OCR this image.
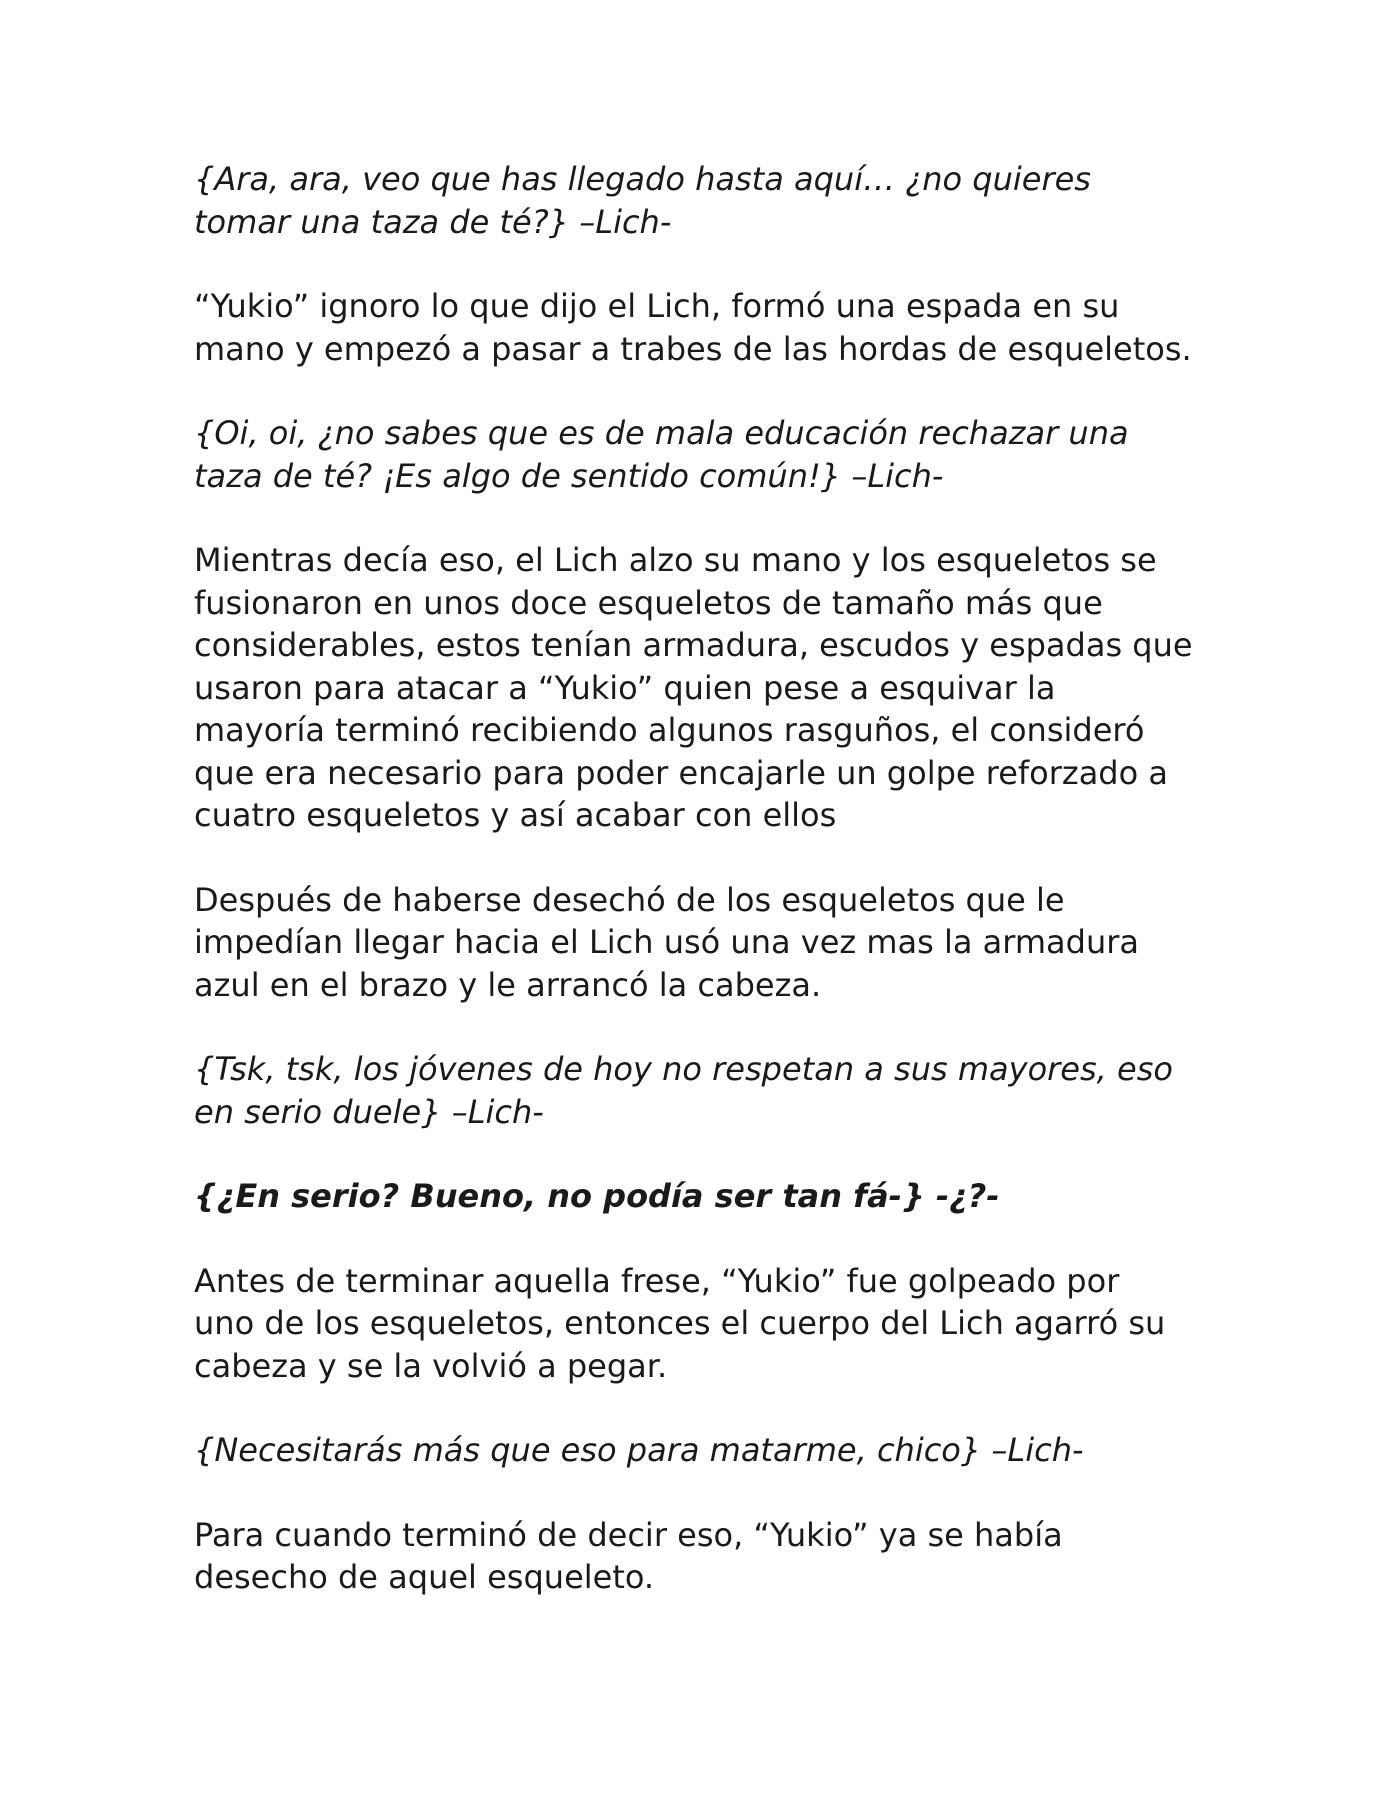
{Ara, ara, veo que has llegado hasta aquí… ¿no quieres
tomar una taza de té?} –Lich-

“Yukio” ignoro lo que dijo el Lich, formó una espada en su
mano y empezó a pasar a trabes de las hordas de esqueletos.

{Oi, oi, ¿no sabes que es de mala educación rechazar una
taza de té? ¡Es algo de sentido común!} –Lich-

Mientras decía eso, el Lich alzo su mano y los esqueletos se
fusionaron en unos doce esqueletos de tamaño más que
considerables, estos tenían armadura, escudos y espadas que
usaron para atacar a “Yukio” quien pese a esquivar la
mayoría terminó recibiendo algunos rasguños, el consideró
que era necesario para poder encajarle un golpe reforzado a
cuatro esqueletos y así acabar con ellos

Después de haberse desechó de los esqueletos que le
impedían llegar hacia el Lich usó una vez mas la armadura
azul en el brazo y le arrancó la cabeza.

{Tsk, tsk, los jóvenes de hoy no respetan a sus mayores, eso
en serio duele} –Lich-

{¿En serio? Bueno, no podía ser tan fá-} -¿?-

Antes de terminar aquella frese, “Yukio” fue golpeado por
uno de los esqueletos, entonces el cuerpo del Lich agarró su
cabeza y se la volvió a pegar.

{Necesitarás más que eso para matarme, chico} –Lich-

Para cuando terminó de decir eso, “Yukio” ya se había
desecho de aquel esqueleto.
